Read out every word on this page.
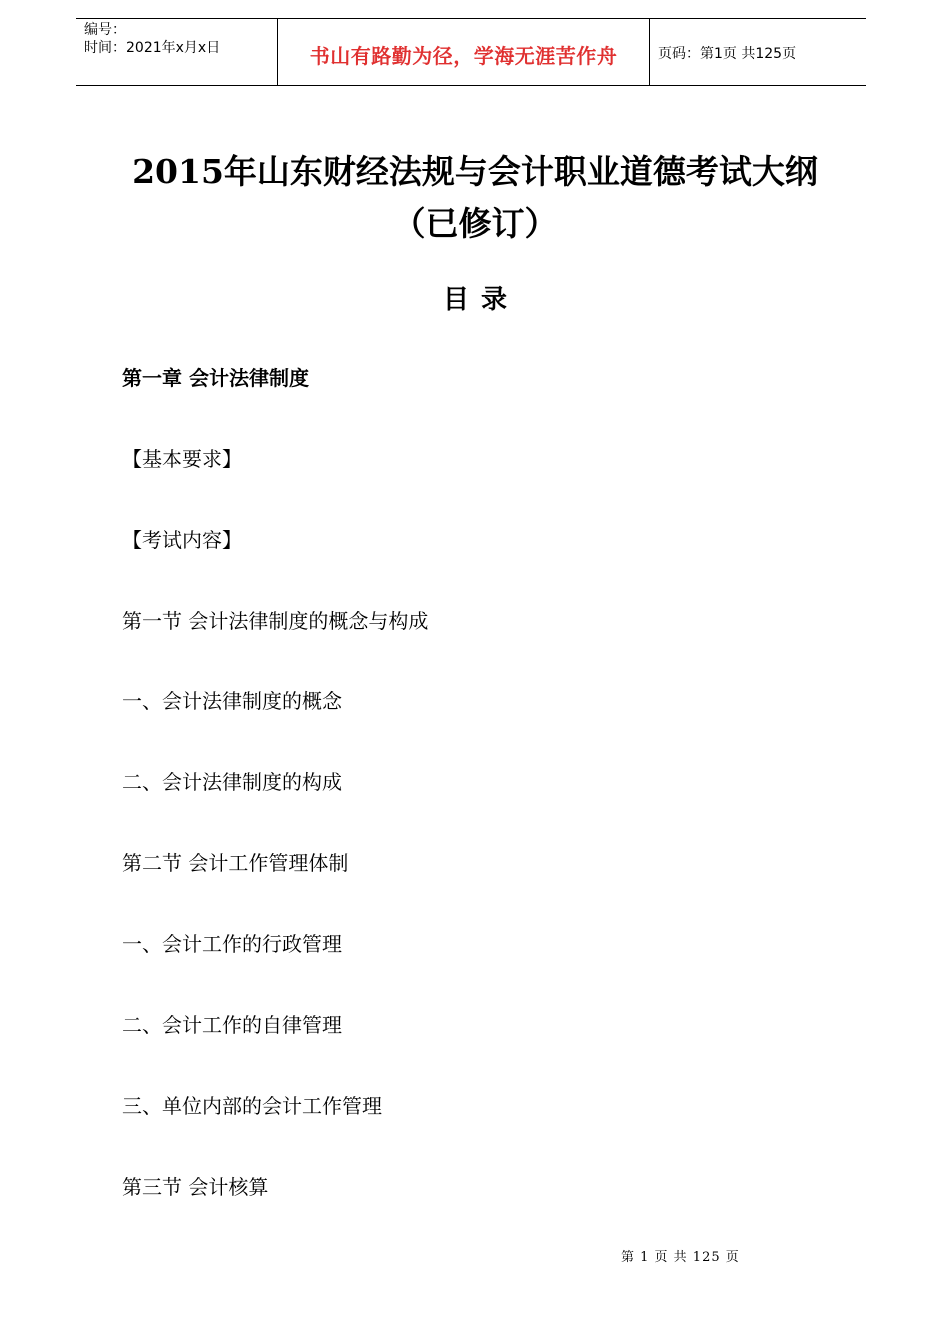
编号：
时间：2021年x月x日	书山有路勤为径，学海无涯苦作舟	页码：第1页 共125页
2015年山东财经法规与会计职业道德考试大纲
（已修订）
目录
第一章 会计法律制度
【基本要求】
【考试内容】
第一节 会计法律制度的概念与构成
一、会计法律制度的概念
二、会计法律制度的构成
第二节 会计工作管理体制
一、会计工作的行政管理
二、会计工作的自律管理
三、单位内部的会计工作管理
第三节 会计核算
第 1 页 共 125 页
